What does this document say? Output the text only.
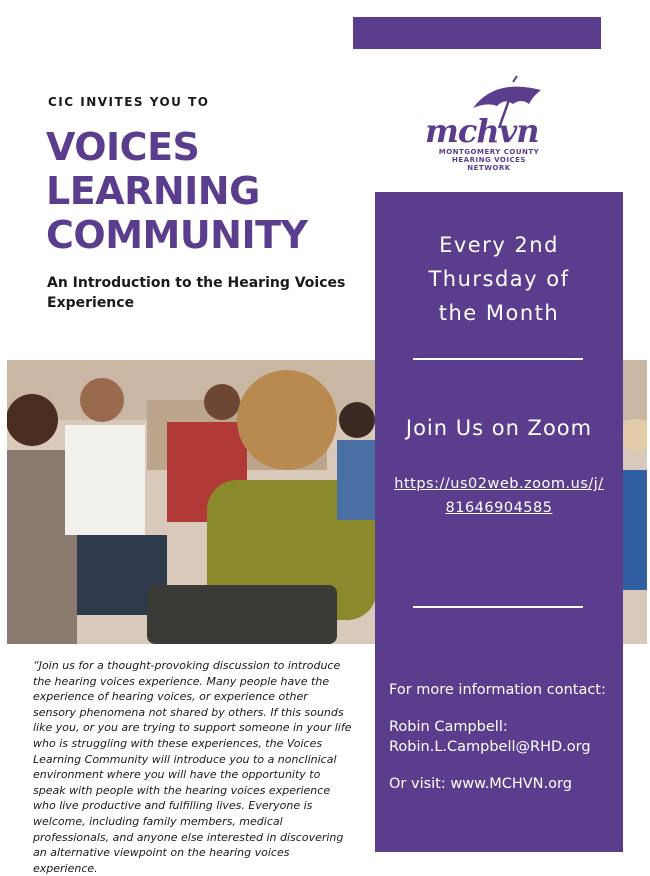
CIC INVITES YOU TO
VOICES
LEARNING
COMMUNITY
An Introduction to the Hearing Voices Experience
mchvn
MONTGOMERY COUNTY
HEARING VOICES NETWORK
Every 2nd
Thursday of
the Month
Join Us on Zoom
https://us02web.zoom.us/j/
81646904585
For more information contact:
Robin Campbell:
Robin.L.Campbell@RHD.org
Or visit: www.MCHVN.org
“Join us for a thought-provoking discussion to introduce the hearing voices experience. Many people have the experience of hearing voices, or experience other sensory phenomena not shared by others. If this sounds like you, or you are trying to support someone in your life who is struggling with these experiences, the Voices Learning Community will introduce you to a nonclinical environment where you will have the opportunity to speak with people with the hearing voices experience who live productive and fulfilling lives. Everyone is welcome, including family members, medical professionals, and anyone else interested in discovering an alternative viewpoint on the hearing voices experience.
